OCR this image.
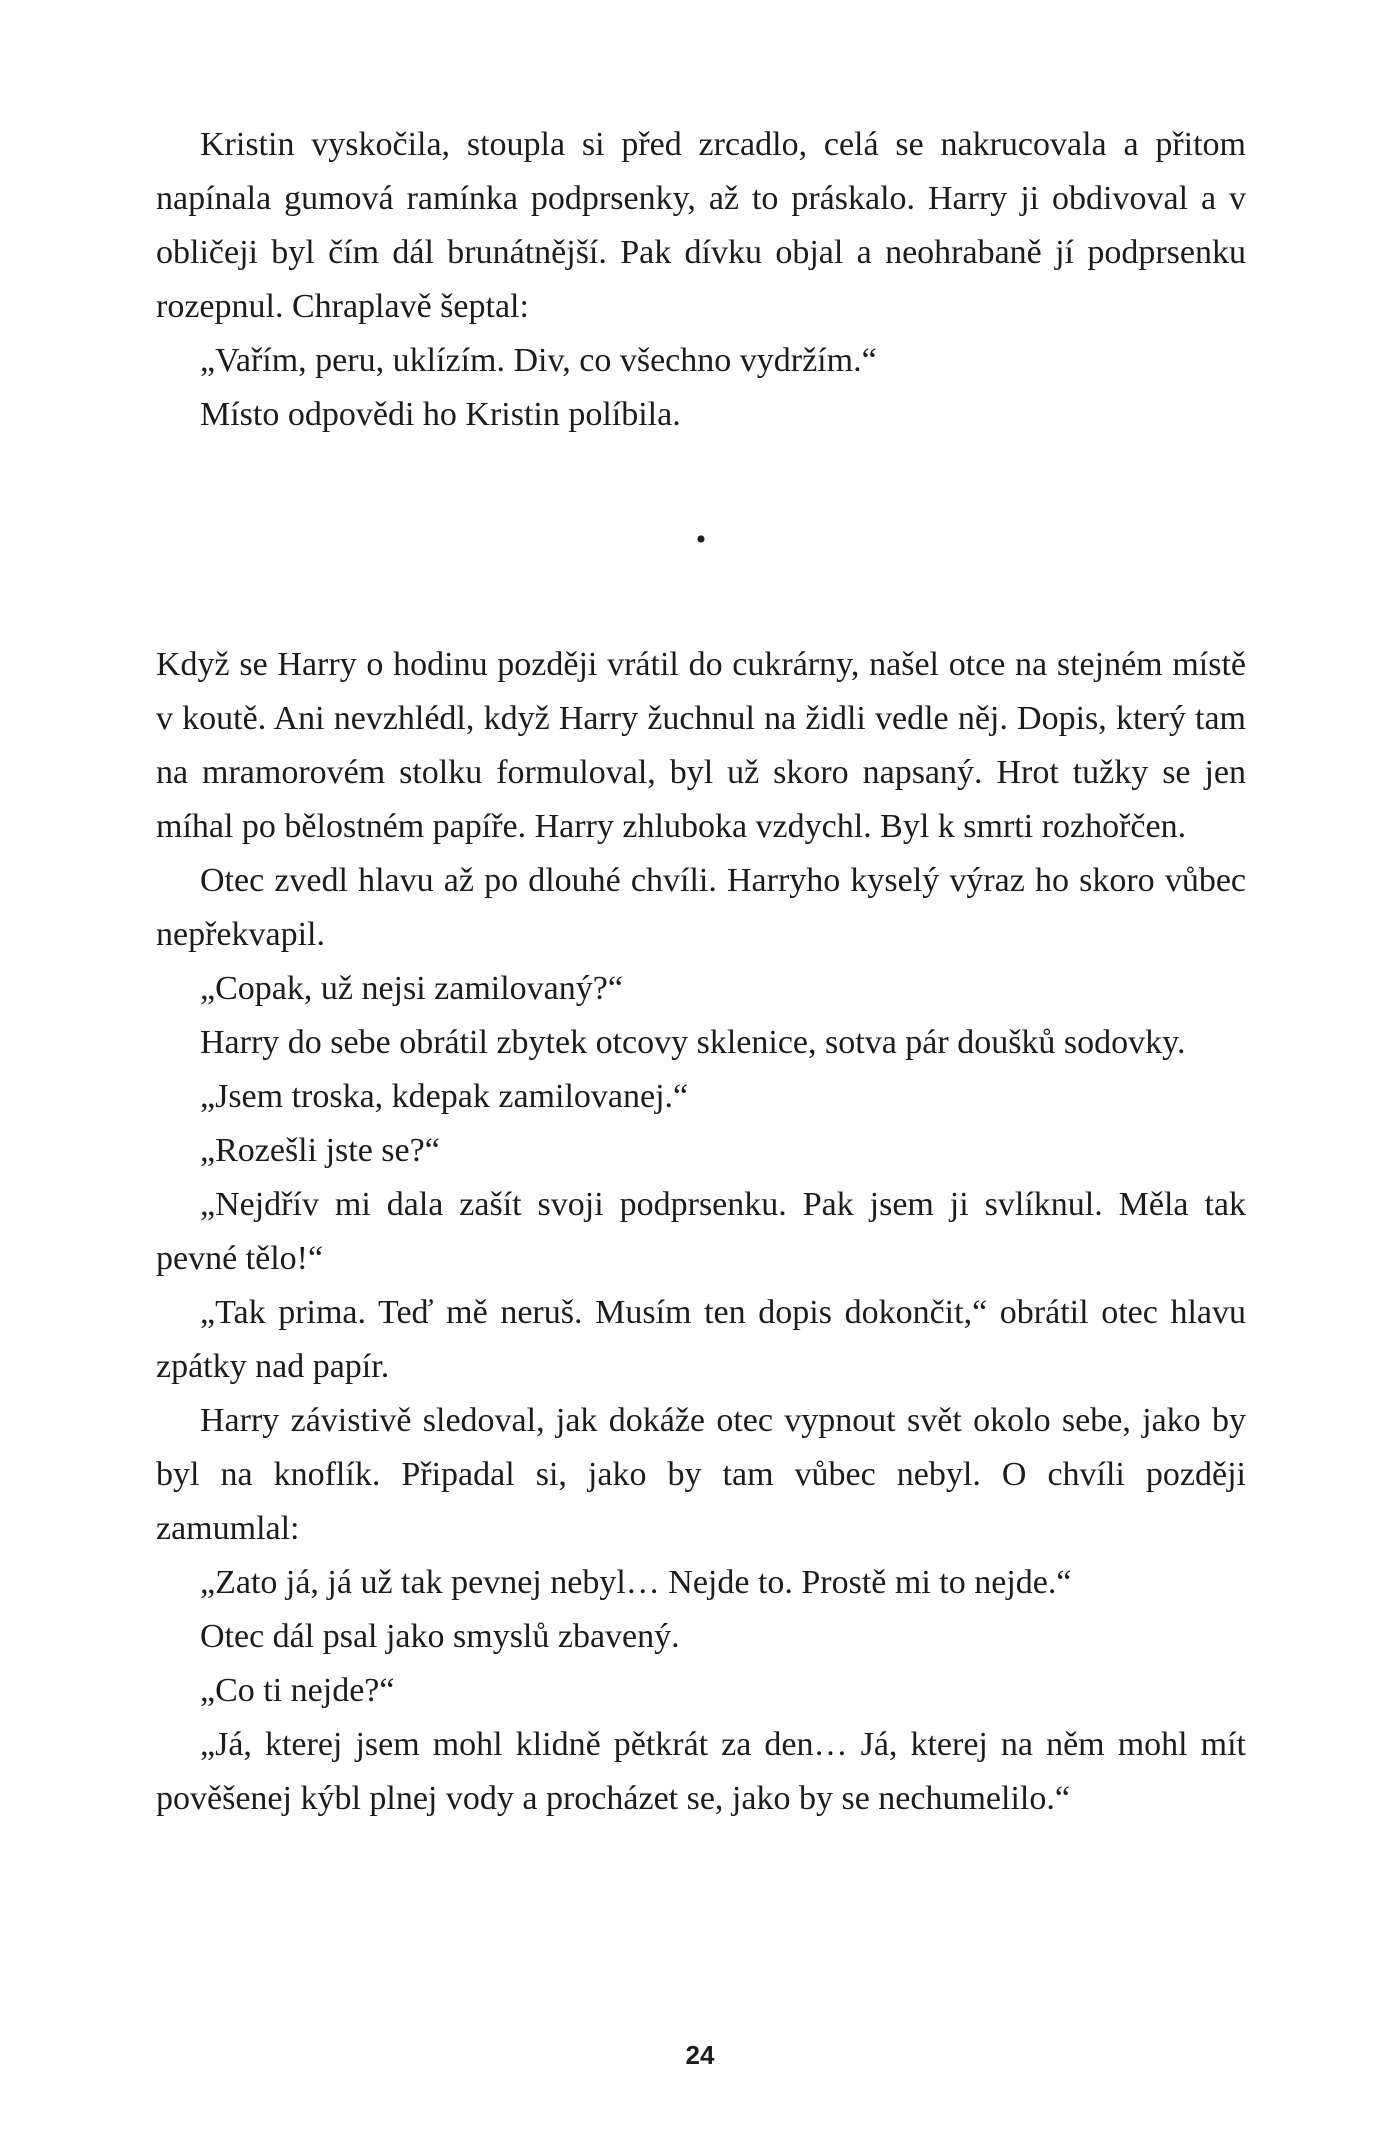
Kristin vyskočila, stoupla si před zrcadlo, celá se nakrucovala a přitom napínala gumová ramínka podprsenky, až to práskalo. Harry ji obdivoval a v obličeji byl čím dál brunátnější. Pak dívku objal a neohrabaně jí podprsenku rozepnul. Chraplavě šeptal:

„Vařím, peru, uklízím. Div, co všechno vydržím.“

Místo odpovědi ho Kristin políbila.

•

Když se Harry o hodinu později vrátil do cukrárny, našel otce na stejném místě v koutě. Ani nevzhlédl, když Harry žuchnul na židli vedle něj. Dopis, který tam na mramorovém stolku formuloval, byl už skoro napsaný. Hrot tužky se jen míhal po bělostném papíře. Harry zhluboka vzdychl. Byl k smrti rozhořčen.

Otec zvedl hlavu až po dlouhé chvíli. Harryho kyselý výraz ho skoro vůbec nepřekvapil.

„Copak, už nejsi zamilovaný?“

Harry do sebe obrátil zbytek otcovy sklenice, sotva pár doušků sodovky.

„Jsem troska, kdepak zamilovanej.“

„Rozešli jste se?“

„Nejdřív mi dala zašít svoji podprsenku. Pak jsem ji svlíknul. Měla tak pevné tělo!“

„Tak prima. Teď mě neruš. Musím ten dopis dokončit,“ obrátil otec hlavu zpátky nad papír.

Harry závistivě sledoval, jak dokáže otec vypnout svět okolo sebe, jako by byl na knoflík. Připadal si, jako by tam vůbec nebyl. O chvíli později zamumlal:

„Zato já, já už tak pevnej nebyl… Nejde to. Prostě mi to nejde.“

Otec dál psal jako smyslů zbavený.

„Co ti nejde?“

„Já, kterej jsem mohl klidně pětkrát za den… Já, kterej na něm mohl mít pověšenej kýbl plnej vody a procházet se, jako by se nechumelilo.“

24
